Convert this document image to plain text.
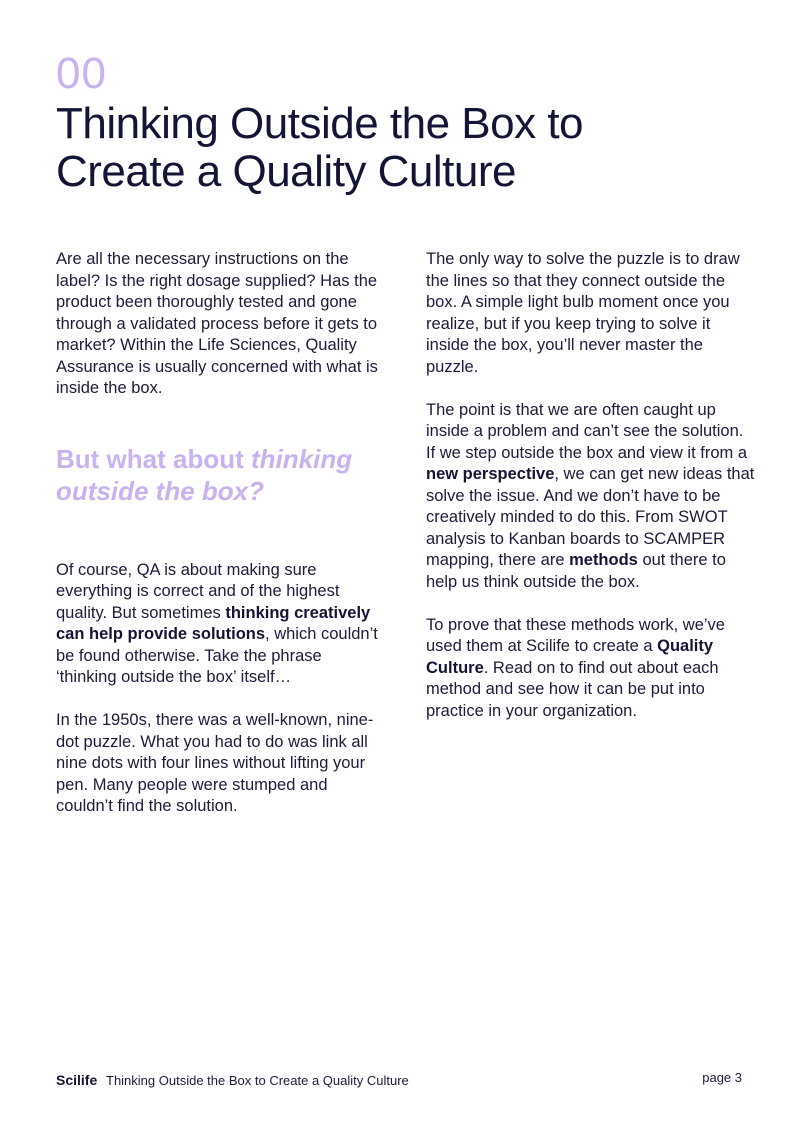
00
Thinking Outside the Box to
Create a Quality Culture

Are all the necessary instructions on the label? Is the right dosage supplied? Has the product been thoroughly tested and gone through a validated process before it gets to market? Within the Life Sciences, Quality Assurance is usually concerned with what is inside the box.

But what about thinking outside the box?

Of course, QA is about making sure everything is correct and of the highest quality. But sometimes thinking creatively can help provide solutions, which couldn’t be found otherwise. Take the phrase ‘thinking outside the box’ itself…

In the 1950s, there was a well-known, nine-dot puzzle. What you had to do was link all nine dots with four lines without lifting your pen. Many people were stumped and couldn’t find the solution.

The only way to solve the puzzle is to draw the lines so that they connect outside the box. A simple light bulb moment once you realize, but if you keep trying to solve it inside the box, you’ll never master the puzzle.

The point is that we are often caught up inside a problem and can’t see the solution. If we step outside the box and view it from a new perspective, we can get new ideas that solve the issue. And we don’t have to be creatively minded to do this. From SWOT analysis to Kanban boards to SCAMPER mapping, there are methods out there to help us think outside the box.

To prove that these methods work, we’ve used them at Scilife to create a Quality Culture. Read on to find out about each method and see how it can be put into practice in your organization.

Scilife Thinking Outside the Box to Create a Quality Culture	page 3
